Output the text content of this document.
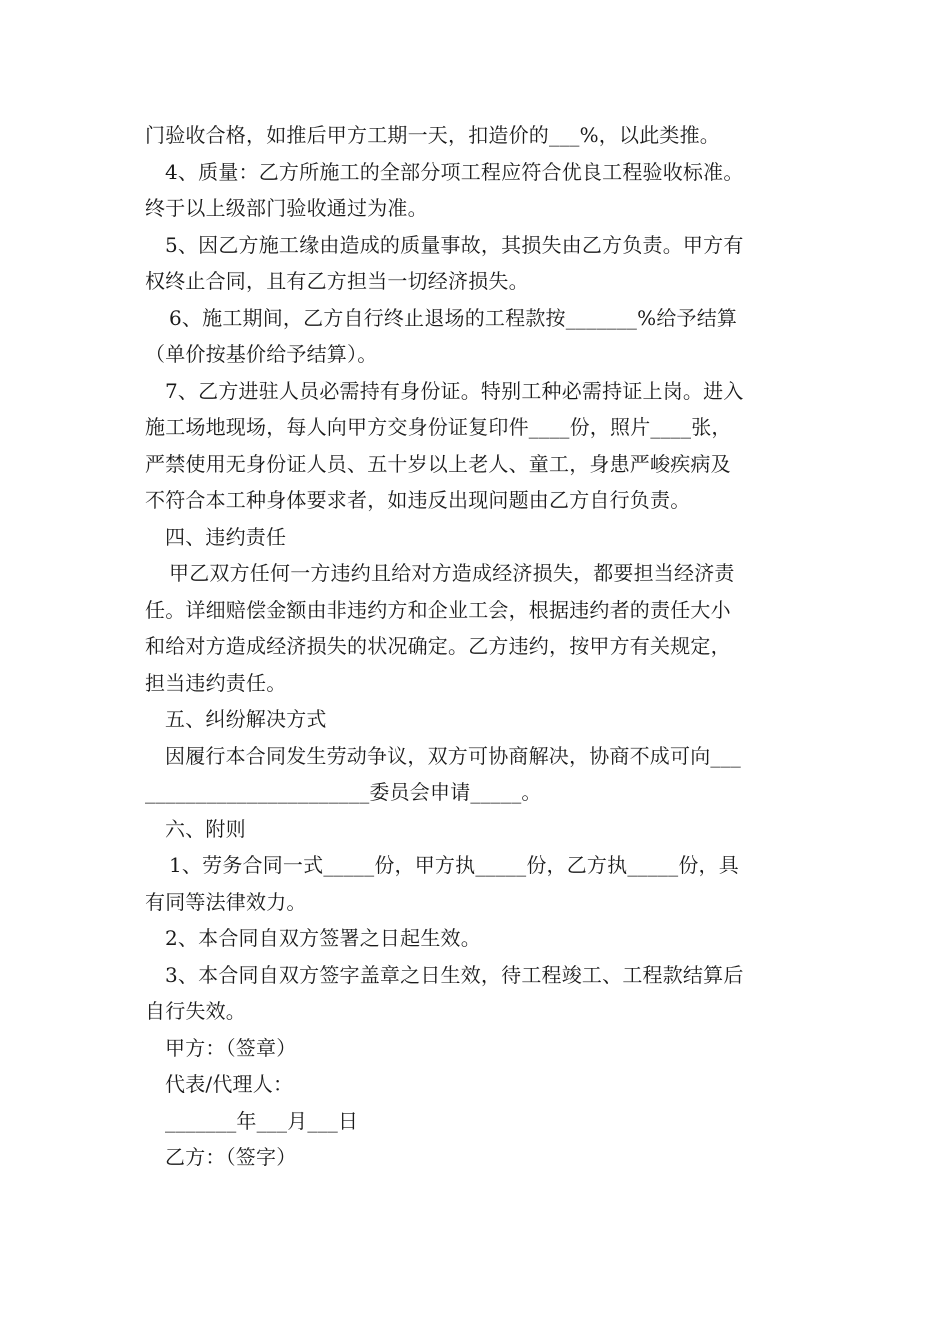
门验收合格，如推后甲方工期一天，扣造价的___%，以此类推。
4、质量：乙方所施工的全部分项工程应符合优良工程验收标准。
终于以上级部门验收通过为准。
5、因乙方施工缘由造成的质量事故，其损失由乙方负责。甲方有
权终止合同，且有乙方担当一切经济损失。
6、施工期间，乙方自行终止退场的工程款按_______%给予结算
（单价按基价给予结算）。
7、乙方进驻人员必需持有身份证。特别工种必需持证上岗。进入
施工场地现场，每人向甲方交身份证复印件____份，照片____张，
严禁使用无身份证人员、五十岁以上老人、童工，身患严峻疾病及
不符合本工种身体要求者，如违反出现问题由乙方自行负责。
四、违约责任
甲乙双方任何一方违约且给对方造成经济损失，都要担当经济责
任。详细赔偿金额由非违约方和企业工会，根据违约者的责任大小
和给对方造成经济损失的状况确定。乙方违约，按甲方有关规定，
担当违约责任。
五、纠纷解决方式
因履行本合同发生劳动争议，双方可协商解决，协商不成可向___
______________________委员会申请_____。
六、附则
1、劳务合同一式_____份，甲方执_____份，乙方执_____份，具
有同等法律效力。
2、本合同自双方签署之日起生效。
3、本合同自双方签字盖章之日生效，待工程竣工、工程款结算后
自行失效。
甲方：（签章）
代表/代理人：
_______年___月___日
乙方：（签字）
